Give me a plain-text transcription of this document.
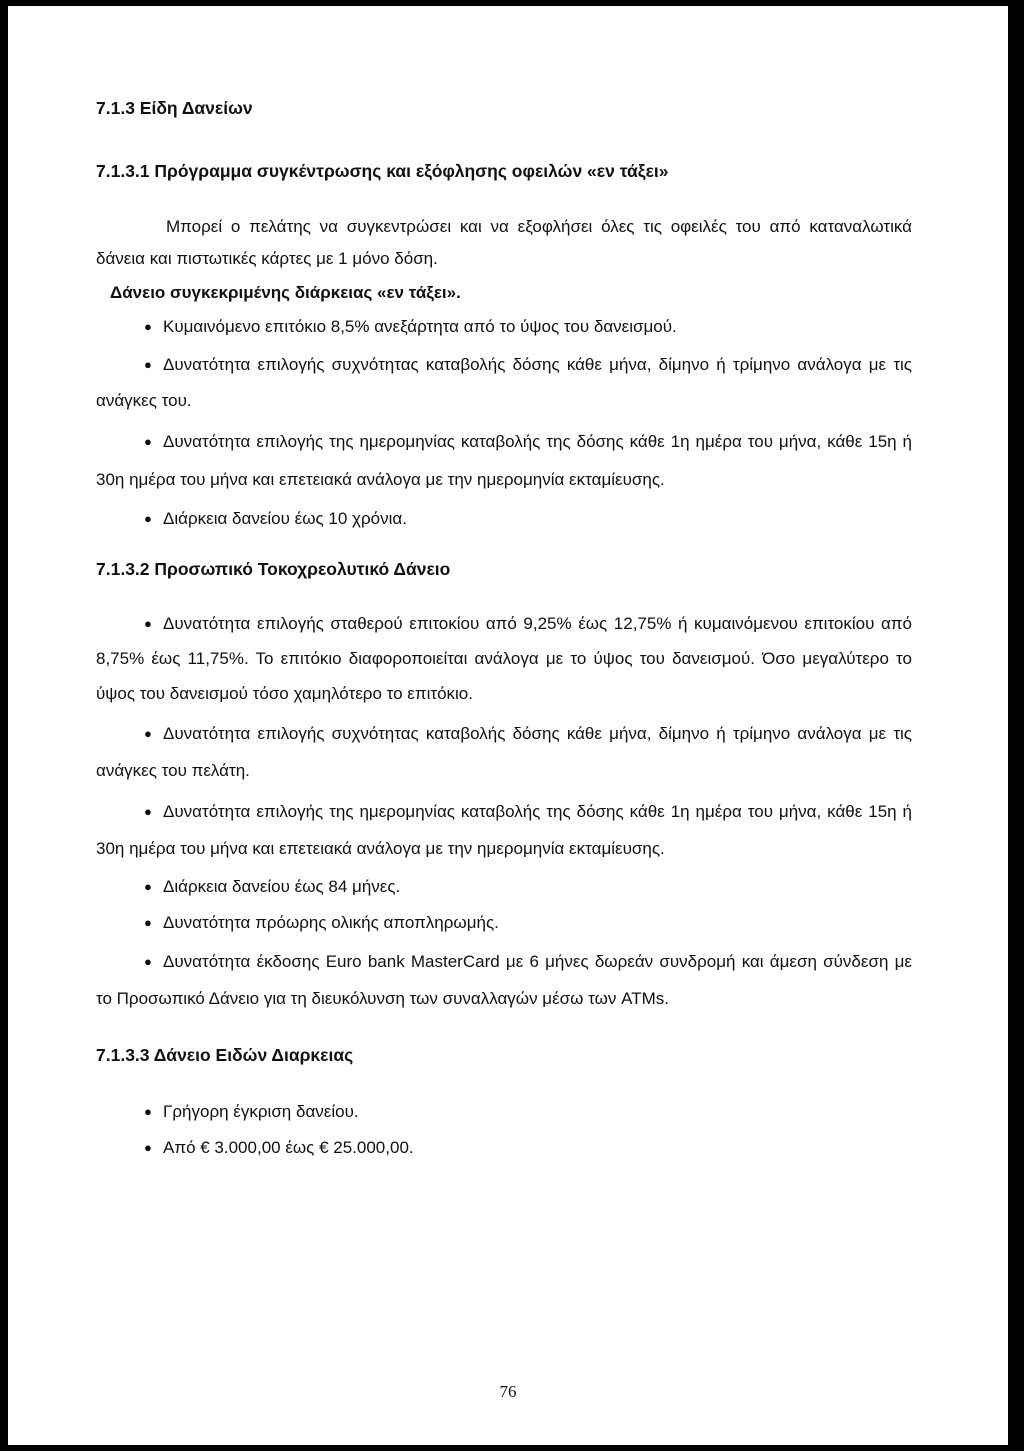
7.1.3 Είδη Δανείων

7.1.3.1 Πρόγραμμα συγκέντρωσης και εξόφλησης οφειλών «εν τάξει»

Μπορεί ο πελάτης να συγκεντρώσει και να εξοφλήσει όλες τις οφειλές του από καταναλωτικά δάνεια και πιστωτικές κάρτες με 1 μόνο δόση.

Δάνειο συγκεκριμένης διάρκειας «εν τάξει».

● Κυμαινόμενο επιτόκιο 8,5% ανεξάρτητα από το ύψος του δανεισμού.

● Δυνατότητα επιλογής συχνότητας καταβολής δόσης κάθε μήνα, δίμηνο ή τρίμηνο ανάλογα με τις ανάγκες του.

● Δυνατότητα επιλογής της ημερομηνίας καταβολής της δόσης κάθε 1η ημέρα του μήνα, κάθε 15η ή 30η ημέρα του μήνα και επετειακά ανάλογα με την ημερομηνία εκταμίευσης.

● Διάρκεια δανείου έως 10 χρόνια.

7.1.3.2 Προσωπικό Τοκοχρεολυτικό Δάνειο

● Δυνατότητα επιλογής σταθερού επιτοκίου από 9,25% έως 12,75% ή κυμαινόμενου επιτοκίου από 8,75% έως 11,75%. Το επιτόκιο διαφοροποιείται ανάλογα με το ύψος του δανεισμού. Όσο μεγαλύτερο το ύψος του δανεισμού τόσο χαμηλότερο το επιτόκιο.

● Δυνατότητα επιλογής συχνότητας καταβολής δόσης κάθε μήνα, δίμηνο ή τρίμηνο ανάλογα με τις ανάγκες του πελάτη.

● Δυνατότητα επιλογής της ημερομηνίας καταβολής της δόσης κάθε 1η ημέρα του μήνα, κάθε 15η ή 30η ημέρα του μήνα και επετειακά ανάλογα με την ημερομηνία εκταμίευσης.

● Διάρκεια δανείου έως 84 μήνες.

● Δυνατότητα πρόωρης ολικής αποπληρωμής.

● Δυνατότητα έκδοσης Euro bank MasterCard με 6 μήνες δωρεάν συνδρομή και άμεση σύνδεση με το Προσωπικό Δάνειο για τη διευκόλυνση των συναλλαγών μέσω των ATMs.

7.1.3.3 Δάνειο Ειδών Διαρκειας

● Γρήγορη έγκριση δανείου.

● Από € 3.000,00 έως € 25.000,00.

76
